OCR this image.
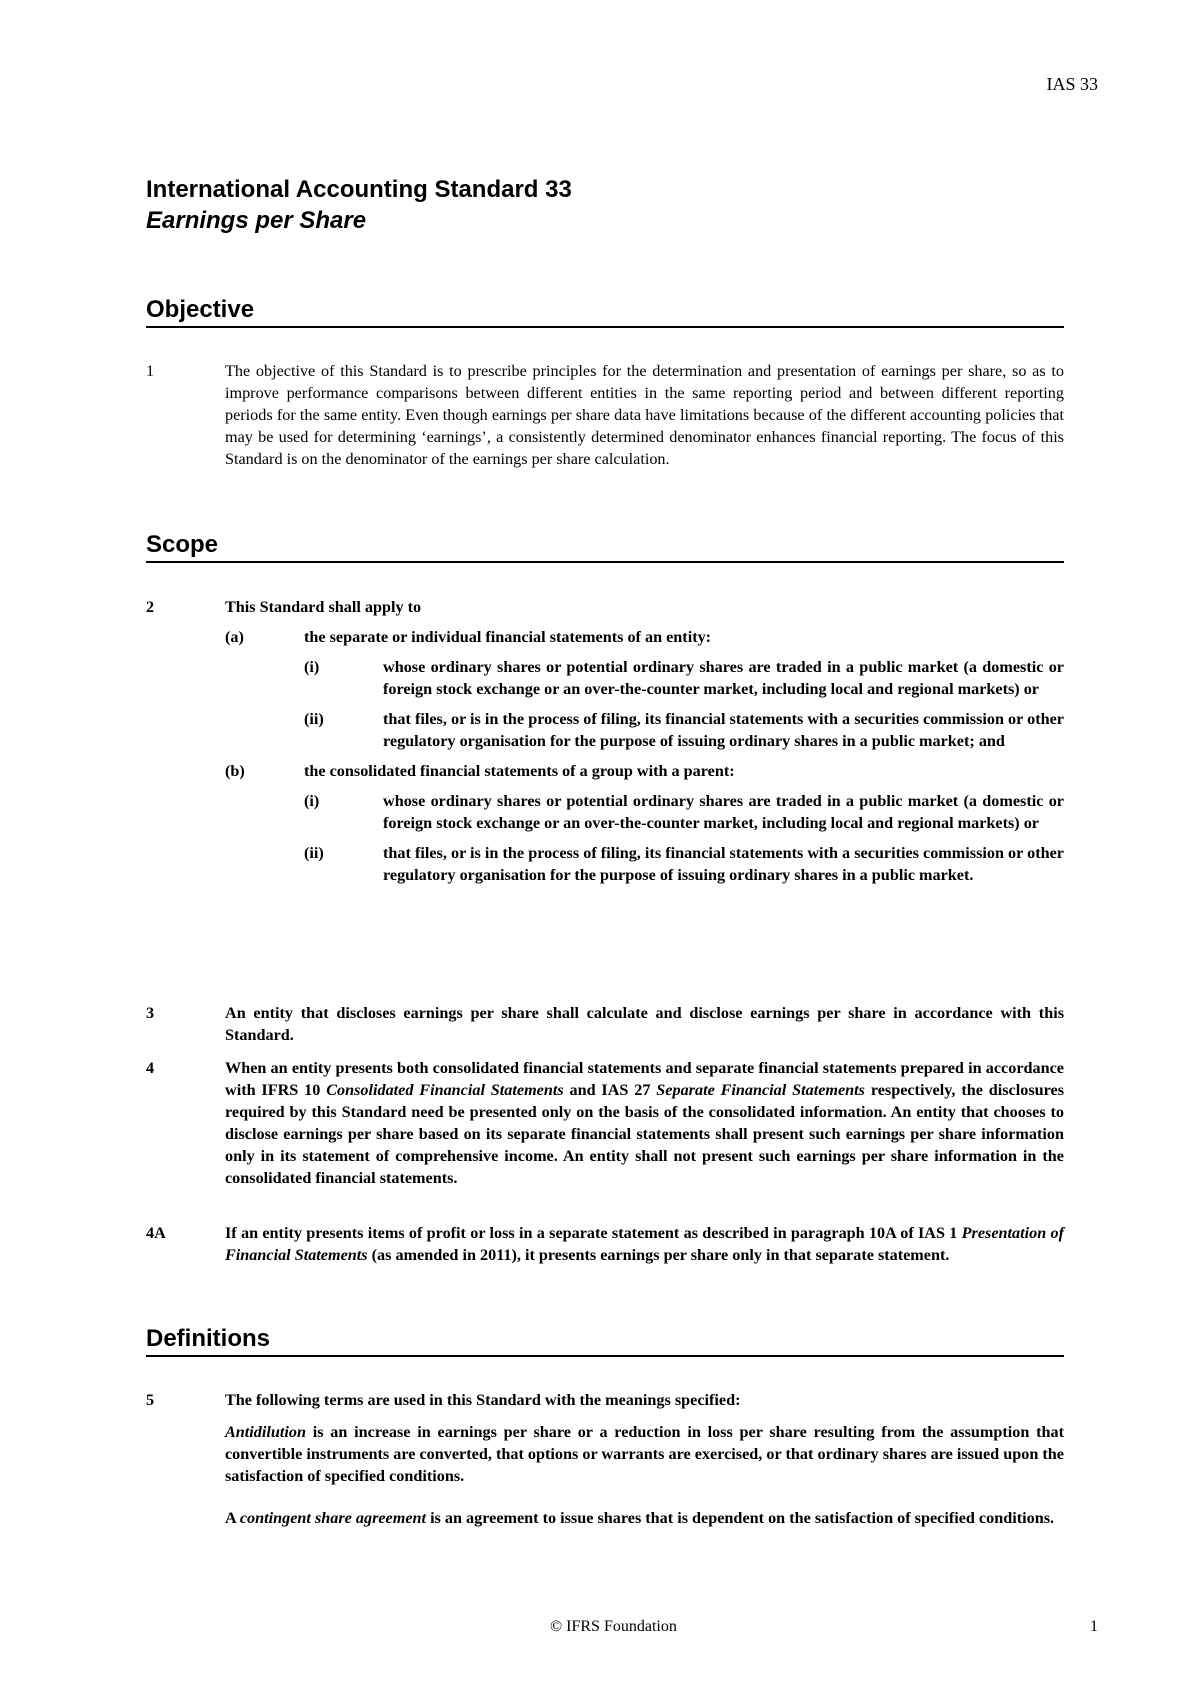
IAS 33
International Accounting Standard 33
Earnings per Share
Objective
1	The objective of this Standard is to prescribe principles for the determination and presentation of earnings per share, so as to improve performance comparisons between different entities in the same reporting period and between different reporting periods for the same entity. Even though earnings per share data have limitations because of the different accounting policies that may be used for determining ‘earnings’, a consistently determined denominator enhances financial reporting. The focus of this Standard is on the denominator of the earnings per share calculation.
Scope
2	This Standard shall apply to
(a)	the separate or individual financial statements of an entity:
(i)	whose ordinary shares or potential ordinary shares are traded in a public market (a domestic or foreign stock exchange or an over-the-counter market, including local and regional markets) or
(ii)	that files, or is in the process of filing, its financial statements with a securities commission or other regulatory organisation for the purpose of issuing ordinary shares in a public market; and
(b)	the consolidated financial statements of a group with a parent:
(i)	whose ordinary shares or potential ordinary shares are traded in a public market (a domestic or foreign stock exchange or an over-the-counter market, including local and regional markets) or
(ii)	that files, or is in the process of filing, its financial statements with a securities commission or other regulatory organisation for the purpose of issuing ordinary shares in a public market.
3	An entity that discloses earnings per share shall calculate and disclose earnings per share in accordance with this Standard.
4	When an entity presents both consolidated financial statements and separate financial statements prepared in accordance with IFRS 10 Consolidated Financial Statements and IAS 27 Separate Financial Statements respectively, the disclosures required by this Standard need be presented only on the basis of the consolidated information. An entity that chooses to disclose earnings per share based on its separate financial statements shall present such earnings per share information only in its statement of comprehensive income. An entity shall not present such earnings per share information in the consolidated financial statements.
4A	If an entity presents items of profit or loss in a separate statement as described in paragraph 10A of IAS 1 Presentation of Financial Statements (as amended in 2011), it presents earnings per share only in that separate statement.
Definitions
5	The following terms are used in this Standard with the meanings specified:
Antidilution is an increase in earnings per share or a reduction in loss per share resulting from the assumption that convertible instruments are converted, that options or warrants are exercised, or that ordinary shares are issued upon the satisfaction of specified conditions.
A contingent share agreement is an agreement to issue shares that is dependent on the satisfaction of specified conditions.
© IFRS Foundation	1
